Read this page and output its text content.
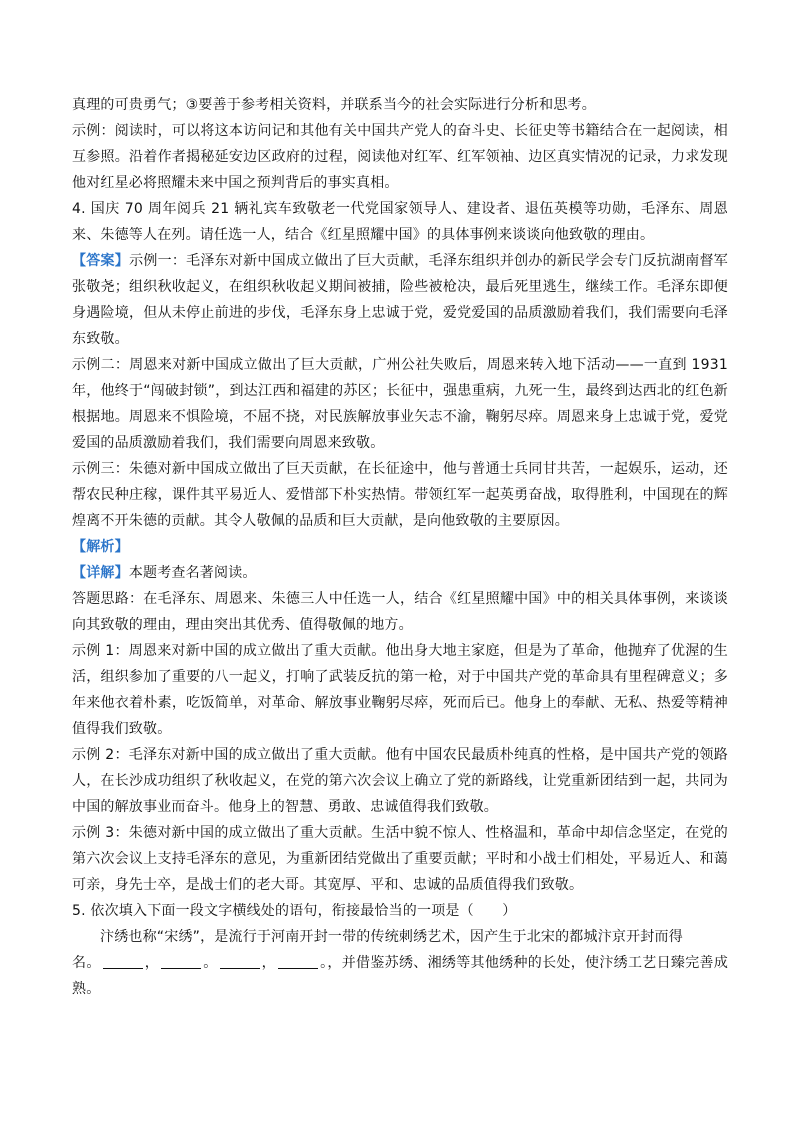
真理的可贵勇气；③要善于参考相关资料，并联系当今的社会实际进行分析和思考。

示例：阅读时，可以将这本访问记和其他有关中国共产党人的奋斗史、长征史等书籍结合在一起阅读，相互参照。沿着作者揭秘延安边区政府的过程，阅读他对红军、红军领袖、边区真实情况的记录，力求发现他对红星必将照耀未来中国之预判背后的事实真相。

4. 国庆 70 周年阅兵 21 辆礼宾车致敬老一代党国家领导人、建设者、退伍英模等功勋，毛泽东、周恩来、朱德等人在列。请任选一人，结合《红星照耀中国》的具体事例来谈谈向他致敬的理由。

【答案】示例一：毛泽东对新中国成立做出了巨大贡献，毛泽东组织并创办的新民学会专门反抗湖南督军张敬尧；组织秋收起义，在组织秋收起义期间被捕，险些被枪决，最后死里逃生，继续工作。毛泽东即便身遇险境，但从未停止前进的步伐，毛泽东身上忠诚于党，爱党爱国的品质激励着我们，我们需要向毛泽东致敬。

示例二：周恩来对新中国成立做出了巨大贡献，广州公社失败后，周恩来转入地下活动——一直到 1931 年，他终于“闯破封锁”，到达江西和福建的苏区；长征中，强患重病，九死一生，最终到达西北的红色新根据地。周恩来不惧险境，不屈不挠，对民族解放事业矢志不渝，鞠躬尽瘁。周恩来身上忠诚于党，爱党爱国的品质激励着我们，我们需要向周恩来致敬。

示例三：朱德对新中国成立做出了巨天贡献，在长征途中，他与普通士兵同甘共苦，一起娱乐，运动，还帮农民种庄稼，课件其平易近人、爱惜部下朴实热情。带领红军一起英勇奋战，取得胜利，中国现在的辉煌离不开朱德的贡献。其令人敬佩的品质和巨大贡献，是向他致敬的主要原因。

【解析】

【详解】本题考查名著阅读。

答题思路：在毛泽东、周恩来、朱德三人中任选一人，结合《红星照耀中国》中的相关具体事例，来谈谈向其致敬的理由，理由突出其优秀、值得敬佩的地方。

示例 1：周恩来对新中国的成立做出了重大贡献。他出身大地主家庭，但是为了革命，他抛弃了优渥的生活，组织参加了重要的八一起义，打响了武装反抗的第一枪，对于中国共产党的革命具有里程碑意义；多年来他衣着朴素，吃饭简单，对革命、解放事业鞠躬尽瘁，死而后已。他身上的奉献、无私、热爱等精神值得我们致敬。

示例 2：毛泽东对新中国的成立做出了重大贡献。他有中国农民最质朴纯真的性格，是中国共产党的领路人，在长沙成功组织了秋收起义，在党的第六次会议上确立了党的新路线，让党重新团结到一起，共同为中国的解放事业而奋斗。他身上的智慧、勇敢、忠诚值得我们致敬。

示例 3：朱德对新中国的成立做出了重大贡献。生活中貌不惊人、性格温和，革命中却信念坚定，在党的第六次会议上支持毛泽东的意见，为重新团结党做出了重要贡献；平时和小战士们相处，平易近人、和蔼可亲，身先士卒，是战士们的老大哥。其宽厚、平和、忠诚的品质值得我们致敬。

5. 依次填入下面一段文字横线处的语句，衔接最恰当的一项是（　　）

汴绣也称“宋绣”，是流行于河南开封一带的传统刺绣艺术，因产生于北宋的都城汴京开封而得

名。	，	。	，	。，并借鉴苏绣、湘绣等其他绣种的长处，使汴绣工艺日臻完善成熟。
